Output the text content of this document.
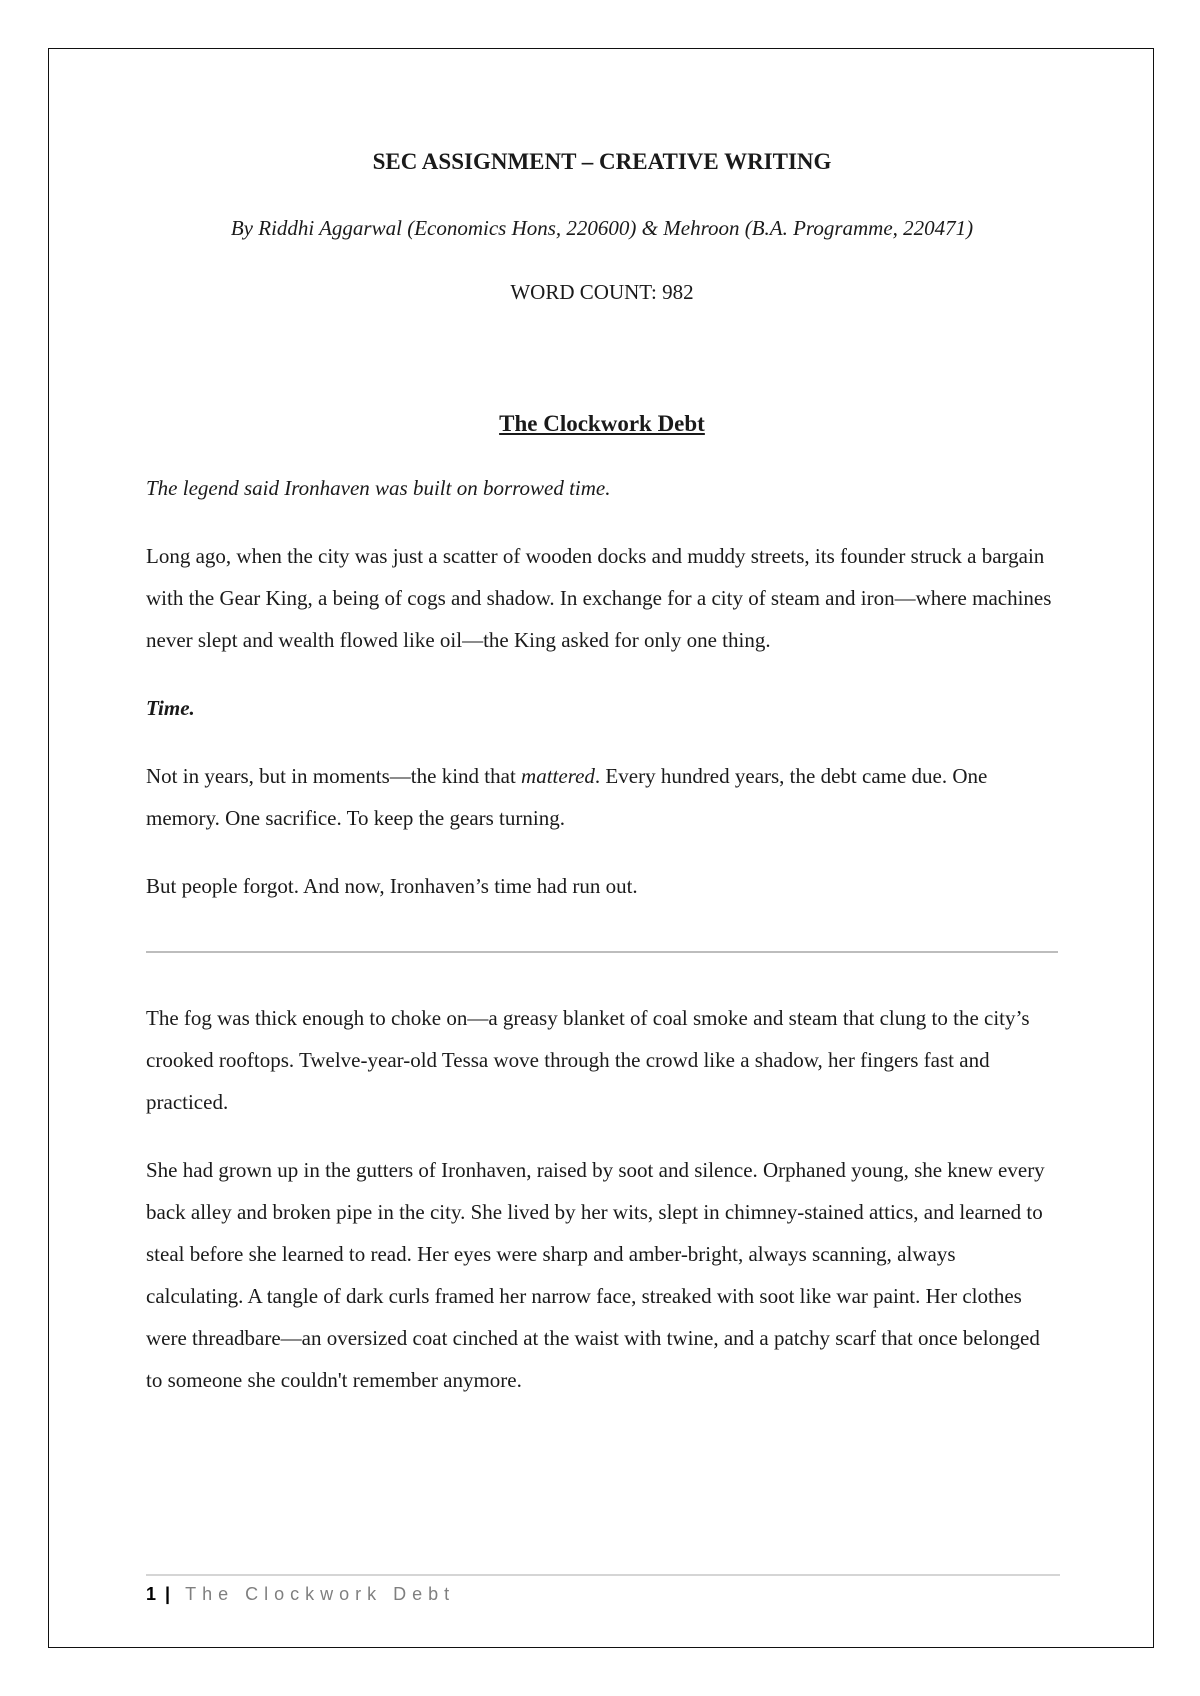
SEC ASSIGNMENT – CREATIVE WRITING

By Riddhi Aggarwal (Economics Hons, 220600) & Mehroon (B.A. Programme, 220471)

WORD COUNT: 982

The Clockwork Debt

The legend said Ironhaven was built on borrowed time.

Long ago, when the city was just a scatter of wooden docks and muddy streets, its founder struck a bargain with the Gear King, a being of cogs and shadow. In exchange for a city of steam and iron—where machines never slept and wealth flowed like oil—the King asked for only one thing.

Time.

Not in years, but in moments—the kind that mattered. Every hundred years, the debt came due. One memory. One sacrifice. To keep the gears turning.

But people forgot. And now, Ironhaven’s time had run out.

The fog was thick enough to choke on—a greasy blanket of coal smoke and steam that clung to the city’s crooked rooftops. Twelve-year-old Tessa wove through the crowd like a shadow, her fingers fast and practiced.

She had grown up in the gutters of Ironhaven, raised by soot and silence. Orphaned young, she knew every back alley and broken pipe in the city. She lived by her wits, slept in chimney-stained attics, and learned to steal before she learned to read. Her eyes were sharp and amber-bright, always scanning, always calculating. A tangle of dark curls framed her narrow face, streaked with soot like war paint. Her clothes were threadbare—an oversized coat cinched at the waist with twine, and a patchy scarf that once belonged to someone she couldn't remember anymore.

1 | The Clockwork Debt
